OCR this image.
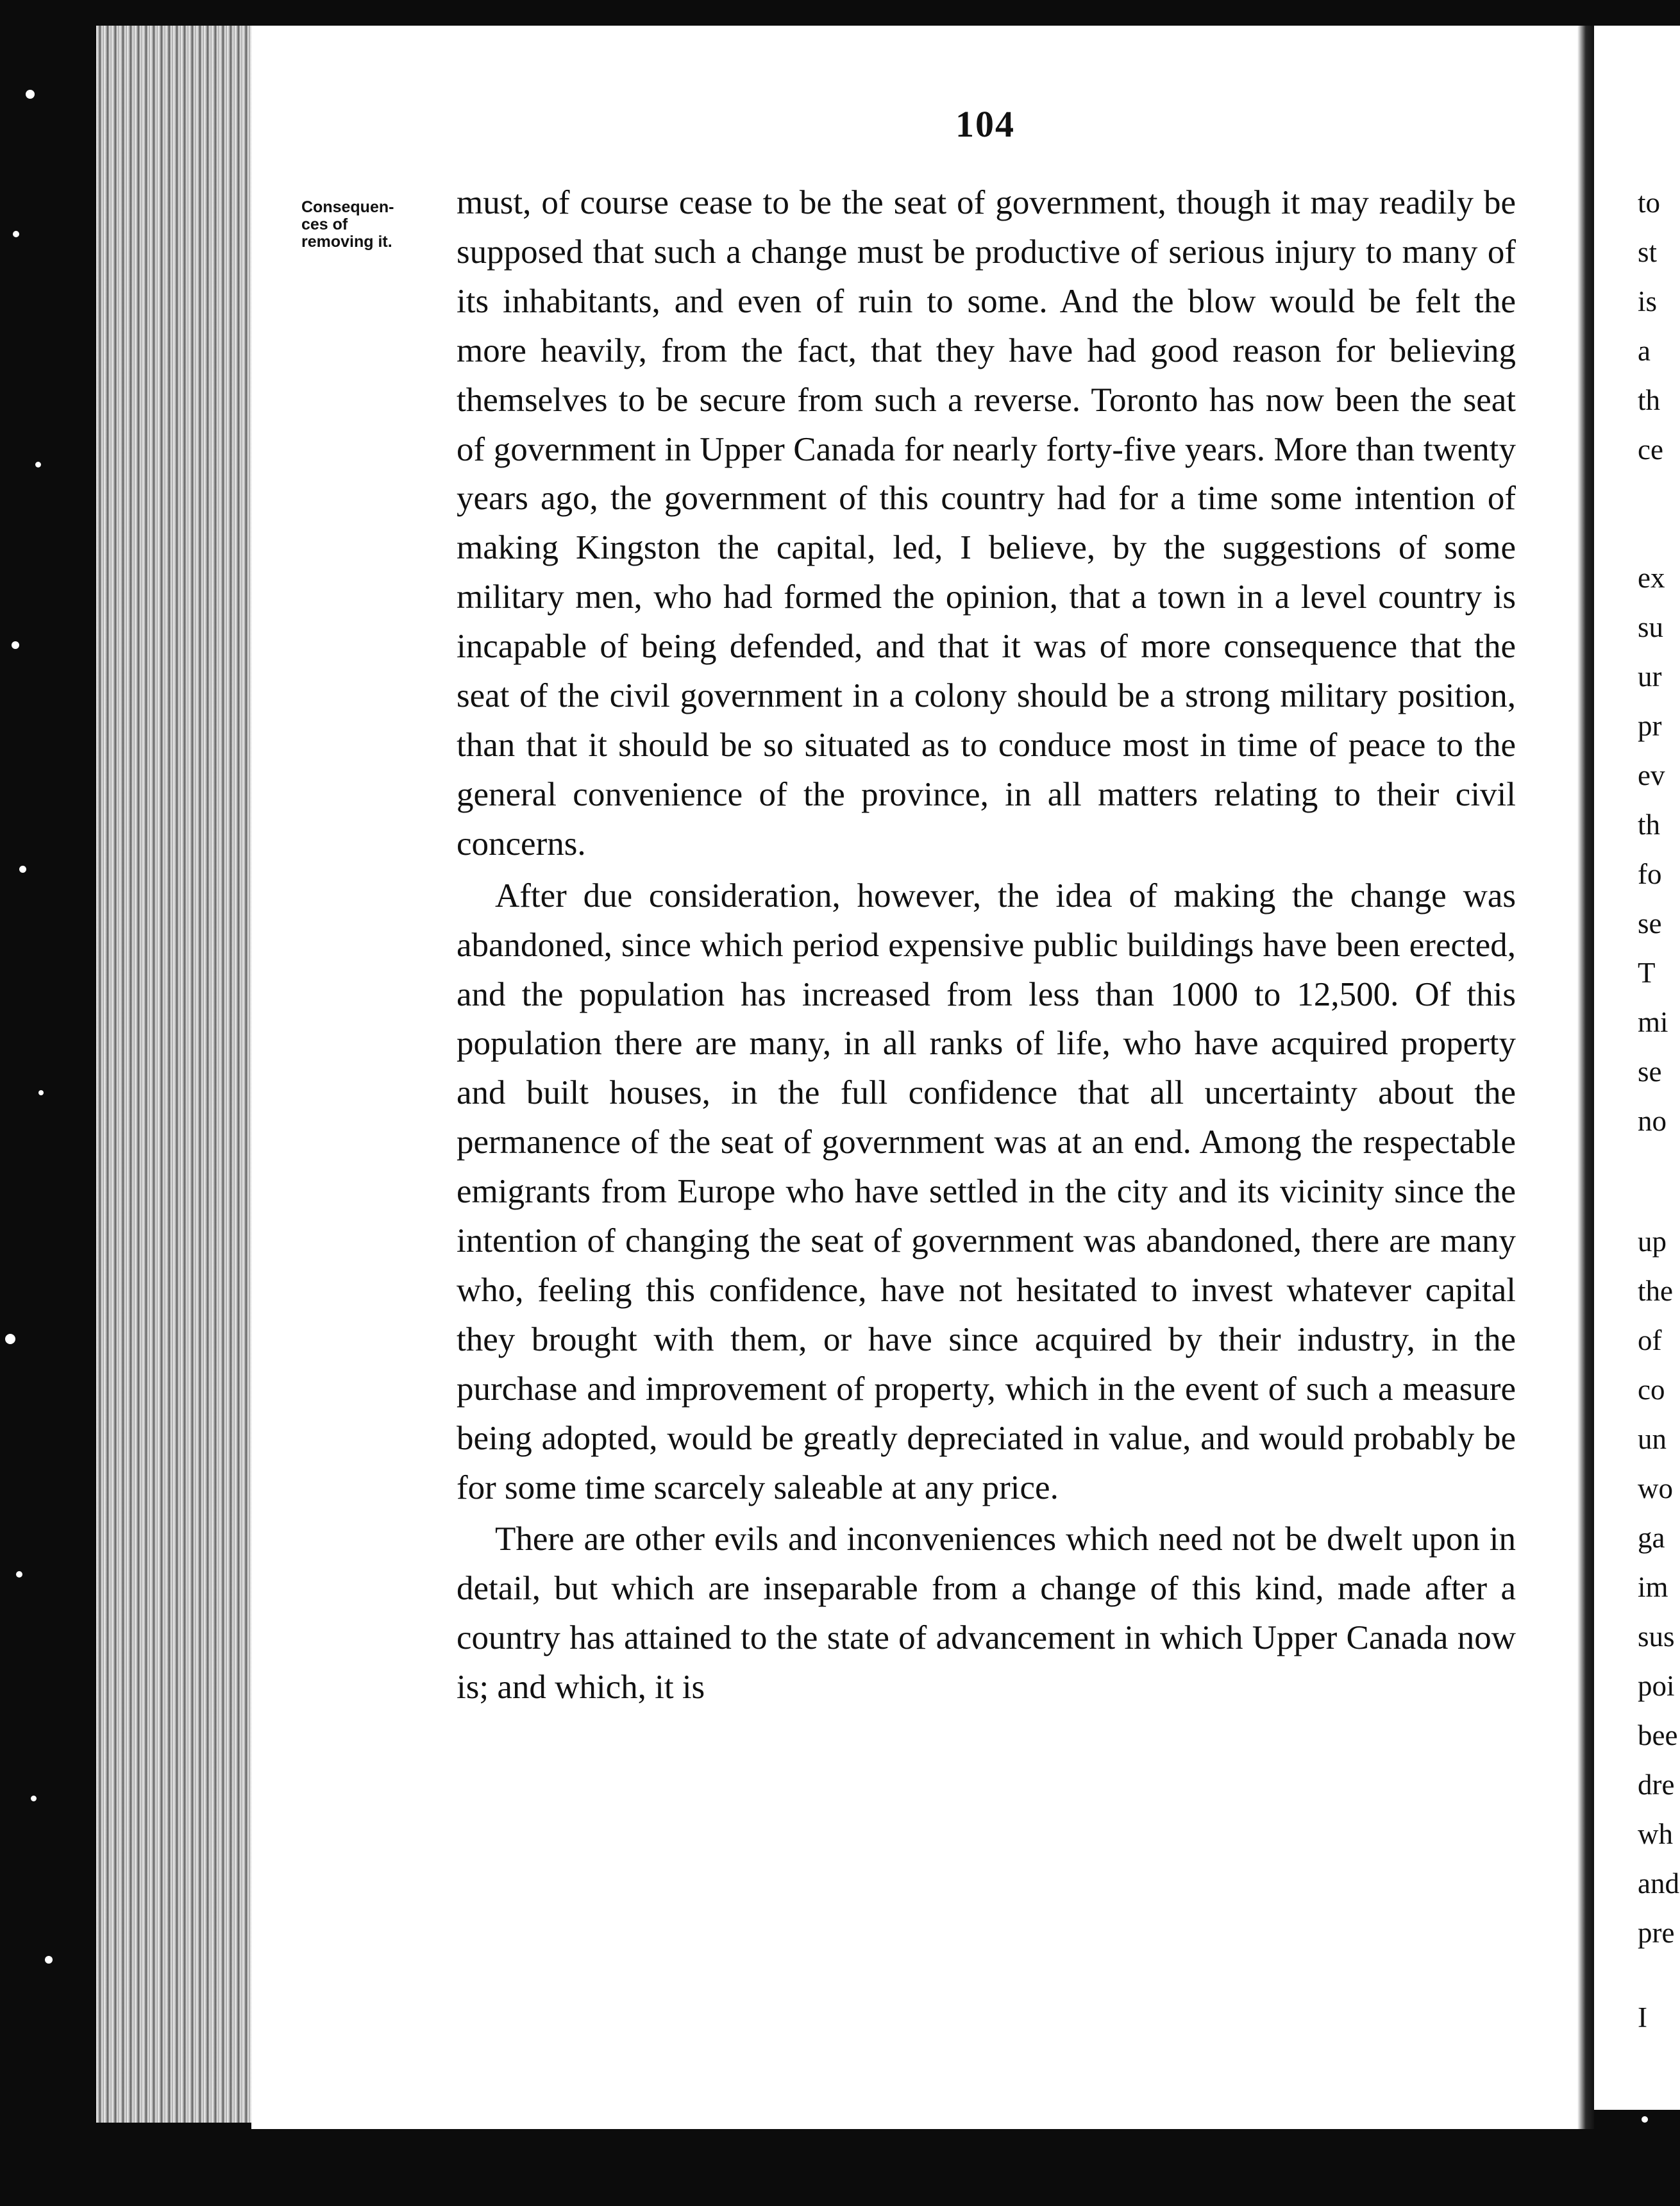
104
Consequen-
ces of
removing it.

must, of course cease to be the seat of government, though it may readily be supposed that such a change must be productive of serious injury to many of its inhabitants, and even of ruin to some. And the blow would be felt the more heavily, from the fact, that they have had good reason for believing themselves to be secure from such a reverse. Toronto has now been the seat of government in Upper Canada for nearly forty-five years. More than twenty years ago, the government of this country had for a time some intention of making Kingston the capital, led, I believe, by the suggestions of some military men, who had formed the opinion, that a town in a level country is incapable of being defended, and that it was of more consequence that the seat of the civil government in a colony should be a strong military position, than that it should be so situated as to conduce most in time of peace to the general convenience of the province, in all matters relating to their civil concerns.

After due consideration, however, the idea of making the change was abandoned, since which period expensive public buildings have been erected, and the population has increased from less than 1000 to 12,500. Of this population there are many, in all ranks of life, who have acquired property and built houses, in the full confidence that all uncertainty about the permanence of the seat of government was at an end. Among the respectable emigrants from Europe who have settled in the city and its vicinity since the intention of changing the seat of government was abandoned, there are many who, feeling this confidence, have not hesitated to invest whatever capital they brought with them, or have since acquired by their industry, in the purchase and improvement of property, which in the event of such a measure being adopted, would be greatly depreciated in value, and would probably be for some time scarcely saleable at any price.

There are other evils and inconveniences which need not be dwelt upon in detail, but which are inseparable from a change of this kind, made after a country has attained to the state of advancement in which Upper Canada now is; and which, it is

to
st
is
a
th
ce
ex
su
ur
pr
ev
th
fo
se
T
mi
se
no
up
the
of
co
un
wo
ga
im
sus
poi
bee
dre
wh
and
pre
I
